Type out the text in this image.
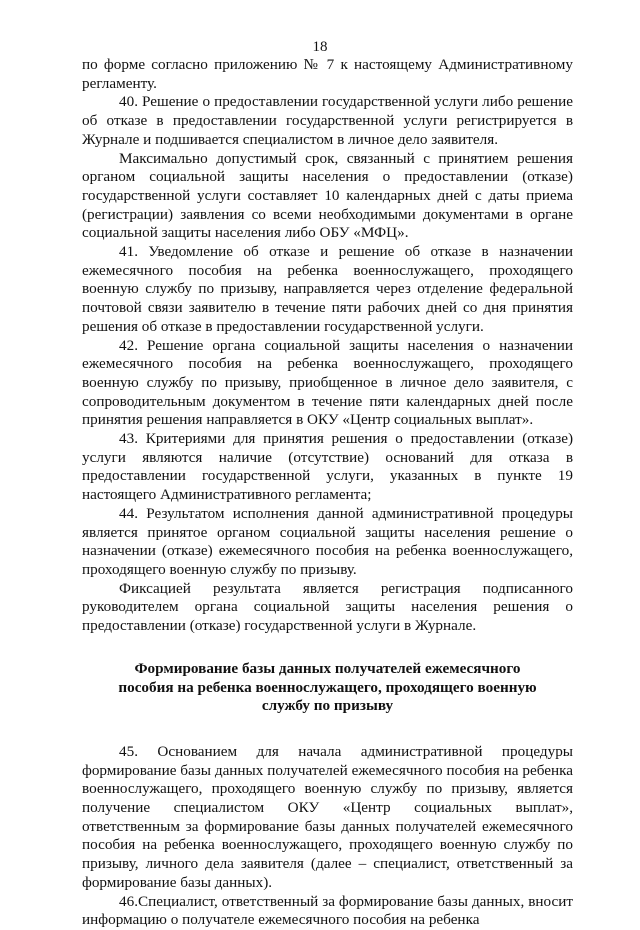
18

по форме согласно приложению № 7 к настоящему Административному регламенту.

40. Решение о предоставлении государственной услуги либо решение об отказе в предоставлении государственной услуги регистрируется в Журнале и подшивается специалистом в личное дело заявителя.

Максимально допустимый срок, связанный с принятием решения органом социальной защиты населения о предоставлении (отказе) государственной услуги составляет 10 календарных дней с даты приема (регистрации) заявления со всеми необходимыми документами в органе социальной защиты населения либо ОБУ «МФЦ».

41. Уведомление об отказе и решение об отказе в назначении ежемесячного пособия на ребенка военнослужащего, проходящего военную службу по призыву, направляется через отделение федеральной почтовой связи заявителю в течение пяти рабочих дней со дня принятия решения об отказе в предоставлении государственной услуги.

42. Решение органа социальной защиты населения о назначении ежемесячного пособия на ребенка военнослужащего, проходящего военную службу по призыву, приобщенное в личное дело заявителя, с сопроводительным документом в течение пяти календарных дней после принятия решения направляется в ОКУ «Центр социальных выплат».

43. Критериями для принятия решения о предоставлении (отказе) услуги являются наличие (отсутствие) оснований для отказа в предоставлении государственной услуги, указанных в пункте 19 настоящего Административного регламента;

44. Результатом исполнения данной административной процедуры является принятое органом социальной защиты населения решение о назначении (отказе) ежемесячного пособия на ребенка военнослужащего, проходящего военную службу по призыву.

Фиксацией результата является регистрация подписанного руководителем органа социальной защиты населения решения о предоставлении (отказе) государственной услуги в Журнале.

Формирование базы данных получателей ежемесячного пособия на ребенка военнослужащего, проходящего военную службу по призыву

45. Основанием для начала административной процедуры формирование базы данных получателей ежемесячного пособия на ребенка военнослужащего, проходящего военную службу по призыву, является получение специалистом ОКУ «Центр социальных выплат», ответственным за формирование базы данных получателей ежемесячного пособия на ребенка военнослужащего, проходящего военную службу по призыву, личного дела заявителя (далее – специалист, ответственный за формирование базы данных).

46.Специалист, ответственный за формирование базы данных, вносит информацию о получателе ежемесячного пособия на ребенка
